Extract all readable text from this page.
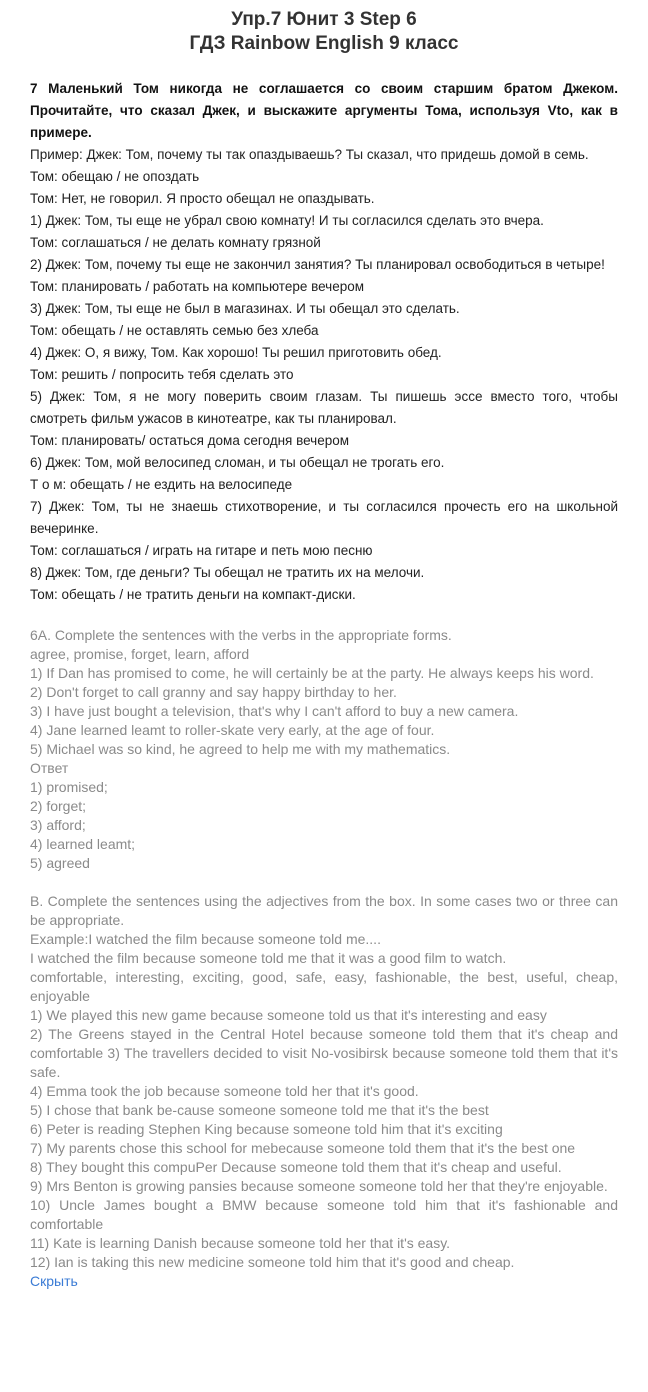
Упр.7 Юнит 3 Step 6
ГДЗ Rainbow English 9 класс
7 Маленький Том никогда не соглашается со своим старшим братом Джеком. Прочитайте, что сказал Джек, и выскажите аргументы Тома, используя Vto, как в примере.
Пример: Джек: Том, почему ты так опаздываешь? Ты сказал, что придешь домой в семь.
Том: обещаю / не опоздать
Том: Нет, не говорил. Я просто обещал не опаздывать.
1) Джек: Том, ты еще не убрал свою комнату! И ты согласился сделать это вчера.
Том: соглашаться / не делать комнату грязной
2) Джек: Том, почему ты еще не закончил занятия? Ты планировал освободиться в четыре!
Том: планировать / работать на компьютере вечером
3) Джек: Том, ты еще не был в магазинах. И ты обещал это сделать.
Том: обещать / не оставлять семью без хлеба
4) Джек: О, я вижу, Том. Как хорошо! Ты решил приготовить обед.
Том: решить / попросить тебя сделать это
5) Джек: Том, я не могу поверить своим глазам. Ты пишешь эссе вместо того, чтобы смотреть фильм ужасов в кинотеатре, как ты планировал.
Том: планировать/ остаться дома сегодня вечером
6) Джек: Том, мой велосипед сломан, и ты обещал не трогать его.
Т о м: обещать / не ездить на велосипеде
7) Джек: Том, ты не знаешь стихотворение, и ты согласился прочесть его на школьной вечеринке.
Том: соглашаться / играть на гитаре и петь мою песню
8) Джек: Том, где деньги? Ты обещал не тратить их на мелочи.
Том: обещать / не тратить деньги на компакт-диски.
6A. Complete the sentences with the verbs in the appropriate forms.
agree, promise, forget, learn, afford
1) If Dan has promised to come, he will certainly be at the party. He always keeps his word.
2) Don't forget to call granny and say happy birthday to her.
3) I have just bought a television, that's why I can't afford to buy a new camera.
4) Jane learned leamt to roller-skate very early, at the age of four.
5) Michael was so kind, he agreed to help me with my mathematics.
Ответ
1) promised;
2) forget;
3) afford;
4) learned leamt;
5) agreed
B. Complete the sentences using the adjectives from the box. In some cases two or three can be appropriate.
Example:I watched the film because someone told me....
I watched the film because someone told me that it was a good film to watch.
comfortable, interesting, exciting, good, safe, easy, fashionable, the best, useful, cheap, enjoyable
1) We played this new game because someone told us that it's interesting and easy
2) The Greens stayed in the Central Hotel because someone told them that it's cheap and comfortable 3) The travellers decided to visit No-vosibirsk because someone told them that it's safe.
4) Emma took the job because someone told her that it's good.
5) I chose that bank be-cause someone someone told me that it's the best
6) Peter is reading Stephen King because someone told him that it's exciting
7) My parents chose this school for mebecause someone told them that it's the best one
8) They bought this compuPer Decause someone told them that it's cheap and useful.
9) Mrs Benton is growing pansies because someone someone told her that they're enjoyable.
10) Uncle James bought a BMW because someone told him that it's fashionable and comfortable
11) Kate is learning Danish because someone told her that it's easy.
12) Ian is taking this new medicine someone told him that it's good and cheap.
Скрыть
